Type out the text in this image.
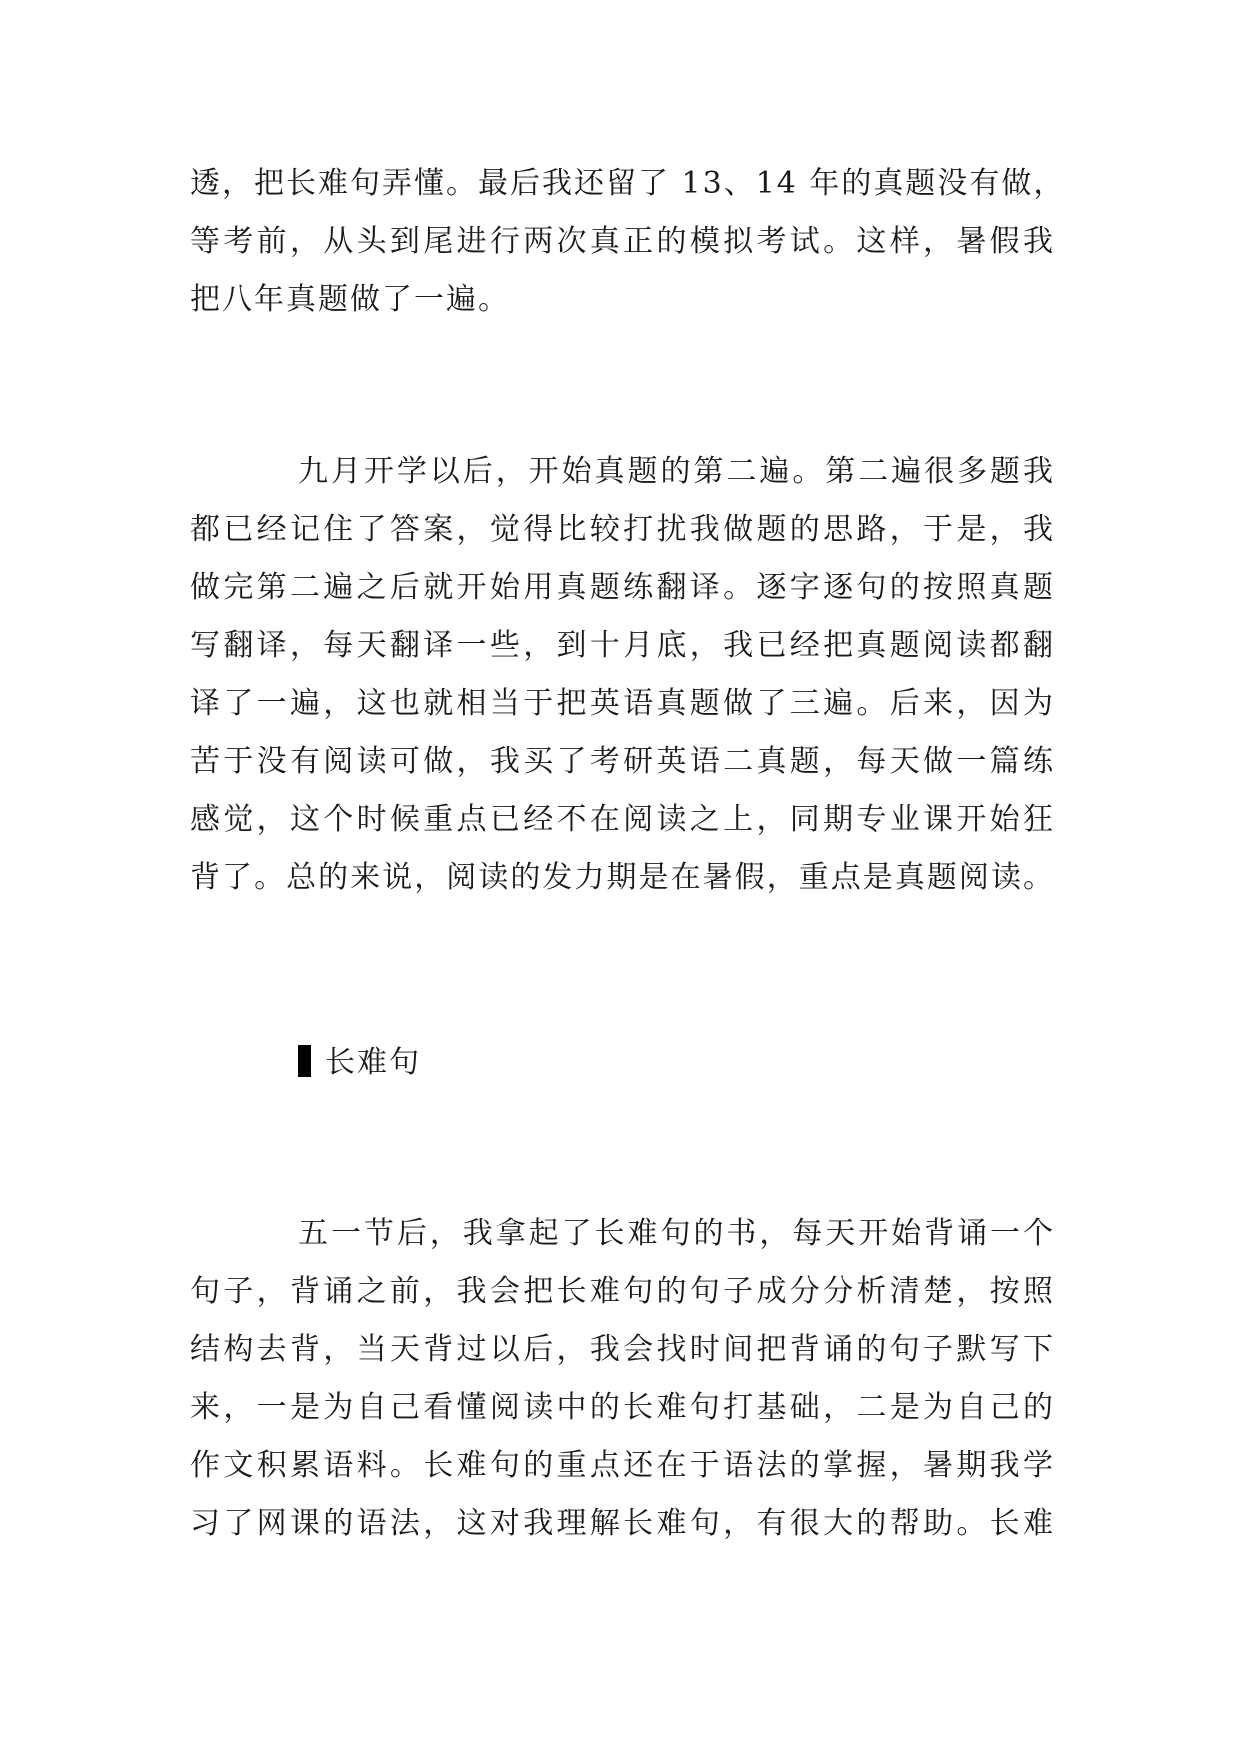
透，把长难句弄懂。最后我还留了 13、14 年的真题没有做，
等考前，从头到尾进行两次真正的模拟考试。这样，暑假我
把八年真题做了一遍。
九月开学以后，开始真题的第二遍。第二遍很多题我
都已经记住了答案，觉得比较打扰我做题的思路，于是，我
做完第二遍之后就开始用真题练翻译。逐字逐句的按照真题
写翻译，每天翻译一些，到十月底，我已经把真题阅读都翻
译了一遍，这也就相当于把英语真题做了三遍。后来，因为
苦于没有阅读可做，我买了考研英语二真题，每天做一篇练
感觉，这个时候重点已经不在阅读之上，同期专业课开始狂
背了。总的来说，阅读的发力期是在暑假，重点是真题阅读。
长难句
五一节后，我拿起了长难句的书，每天开始背诵一个
句子，背诵之前，我会把长难句的句子成分分析清楚，按照
结构去背，当天背过以后，我会找时间把背诵的句子默写下
来，一是为自己看懂阅读中的长难句打基础，二是为自己的
作文积累语料。长难句的重点还在于语法的掌握，暑期我学
习了网课的语法，这对我理解长难句，有很大的帮助。长难
